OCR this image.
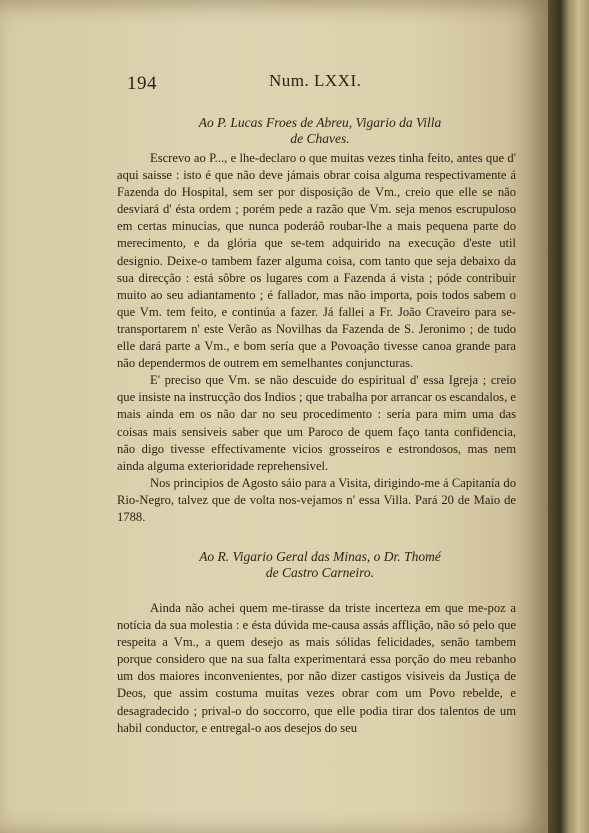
194	Num. LXXI.
Ao P. Lucas Froes de Abreu, Vigario da Villa
de Chaves.

Escrevo ao P..., e lhe-declaro o que muitas vezes tinha feito, antes que d' aqui saisse : isto é que não deve jámais obrar coisa alguma respectivamente á Fazenda do Hospital, sem ser por disposição de Vm., creio que elle se não desviará d' ésta ordem ; porém pede a razão que Vm. seja menos escrupuloso em certas minucias, que nunca poderáõ roubar-lhe a mais pequena parte do merecimento, e da glória que se-tem adquirido na execução d'este util designio. Deixe-o tambem fazer alguma coisa, com tanto que seja debaixo da sua direcção : está sôbre os lugares com a Fazenda á vista ; póde contribuir muito ao seu adiantamento ; é fallador, mas não importa, pois todos sabem o que Vm. tem feito, e continúa a fazer. Já fallei a Fr. João Craveiro para se-transportarem n' este Verão as Novilhas da Fazenda de S. Jeronimo ; de tudo elle dará parte a Vm., e bom sería que a Povoação tivesse canoa grande para não dependermos de outrem em semelhantes conjuncturas.

E' preciso que Vm. se não descuide do espiritual d' essa Igreja ; creio que insiste na instrucção dos Indios ; que trabalha por arrancar os escandalos, e mais ainda em os não dar no seu procedimento : sería para mim uma das coisas mais sensiveis saber que um Paroco de quem faço tanta confidencia, não digo tivesse effectivamente vicios grosseiros e estrondosos, mas nem ainda alguma exterioridade reprehensivel.

Nos principios de Agosto sáio para a Visita, dirigindo-me á Capitanía do Rio-Negro, talvez que de volta nos-vejamos n' essa Villa. Pará 20 de Maio de 1788.

Ao R. Vigario Geral das Minas, o Dr. Thomé
de Castro Carneiro.

Ainda não achei quem me-tirasse da triste incerteza em que me-poz a notícia da sua molestia : e ésta dúvida me-causa assás afflição, não só pelo que respeita a Vm., a quem desejo as mais sólidas felicidades, senão tambem porque considero que na sua falta experimentará essa porção do meu rebanho um dos maiores inconvenientes, por não dizer castigos visiveis da Justiça de Deos, que assim costuma muitas vezes obrar com um Povo rebelde, e desagradecido ; prival-o do soccorro, que elle podia tirar dos talentos de um habil conductor, e entregal-o aos desejos do seu
